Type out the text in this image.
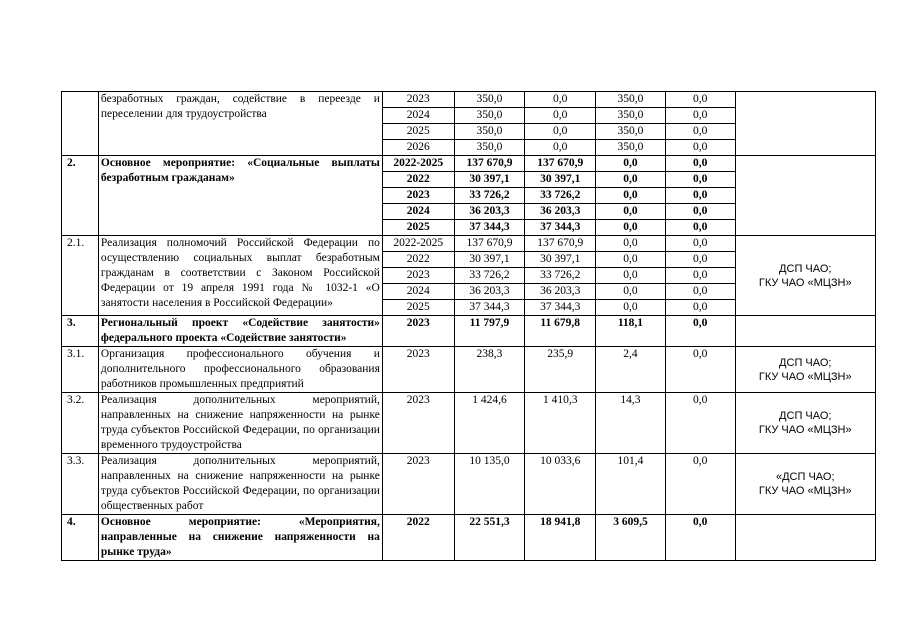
	безработных граждан, содействие в переезде и переселении для трудоустройства	2023	350,0	0,0	350,0	0,0	
		2024	350,0	0,0	350,0	0,0	
		2025	350,0	0,0	350,0	0,0	
		2026	350,0	0,0	350,0	0,0	
2.	Основное мероприятие: «Социальные выплаты безработным гражданам»	2022-2025	137 670,9	137 670,9	0,0	0,0	
		2022	30 397,1	30 397,1	0,0	0,0	
		2023	33 726,2	33 726,2	0,0	0,0	
		2024	36 203,3	36 203,3	0,0	0,0	
		2025	37 344,3	37 344,3	0,0	0,0	
2.1.	Реализация полномочий Российской Федерации по осуществлению социальных выплат безработным гражданам в соответствии с Законом Российской Федерации от 19 апреля 1991 года № 1032-1 «О занятости населения в Российской Федерации»	2022-2025	137 670,9	137 670,9	0,0	0,0	ДСП ЧАО;
ГКУ ЧАО «МЦЗН»
		2022	30 397,1	30 397,1	0,0	0,0	
		2023	33 726,2	33 726,2	0,0	0,0	
		2024	36 203,3	36 203,3	0,0	0,0	
		2025	37 344,3	37 344,3	0,0	0,0	
3.	Региональный проект «Содействие занятости» федерального проекта «Содействие занятости»	2023	11 797,9	11 679,8	118,1	0,0	
3.1.	Организация профессионального обучения и дополнительного профессионального образования работников промышленных предприятий	2023	238,3	235,9	2,4	0,0	ДСП ЧАО;
ГКУ ЧАО «МЦЗН»
3.2.	Реализация дополнительных мероприятий, направленных на снижение напряженности на рынке труда субъектов Российской Федерации, по организации временного трудоустройства	2023	1 424,6	1 410,3	14,3	0,0	ДСП ЧАО;
ГКУ ЧАО «МЦЗН»
3.3.	Реализация дополнительных мероприятий, направленных на снижение напряженности на рынке труда субъектов Российской Федерации, по организации общественных работ	2023	10 135,0	10 033,6	101,4	0,0	«ДСП ЧАО;
ГКУ ЧАО «МЦЗН»
4.	Основное мероприятие: «Мероприятия, направленные на снижение напряженности на рынке труда»	2022	22 551,3	18 941,8	3 609,5	0,0	
